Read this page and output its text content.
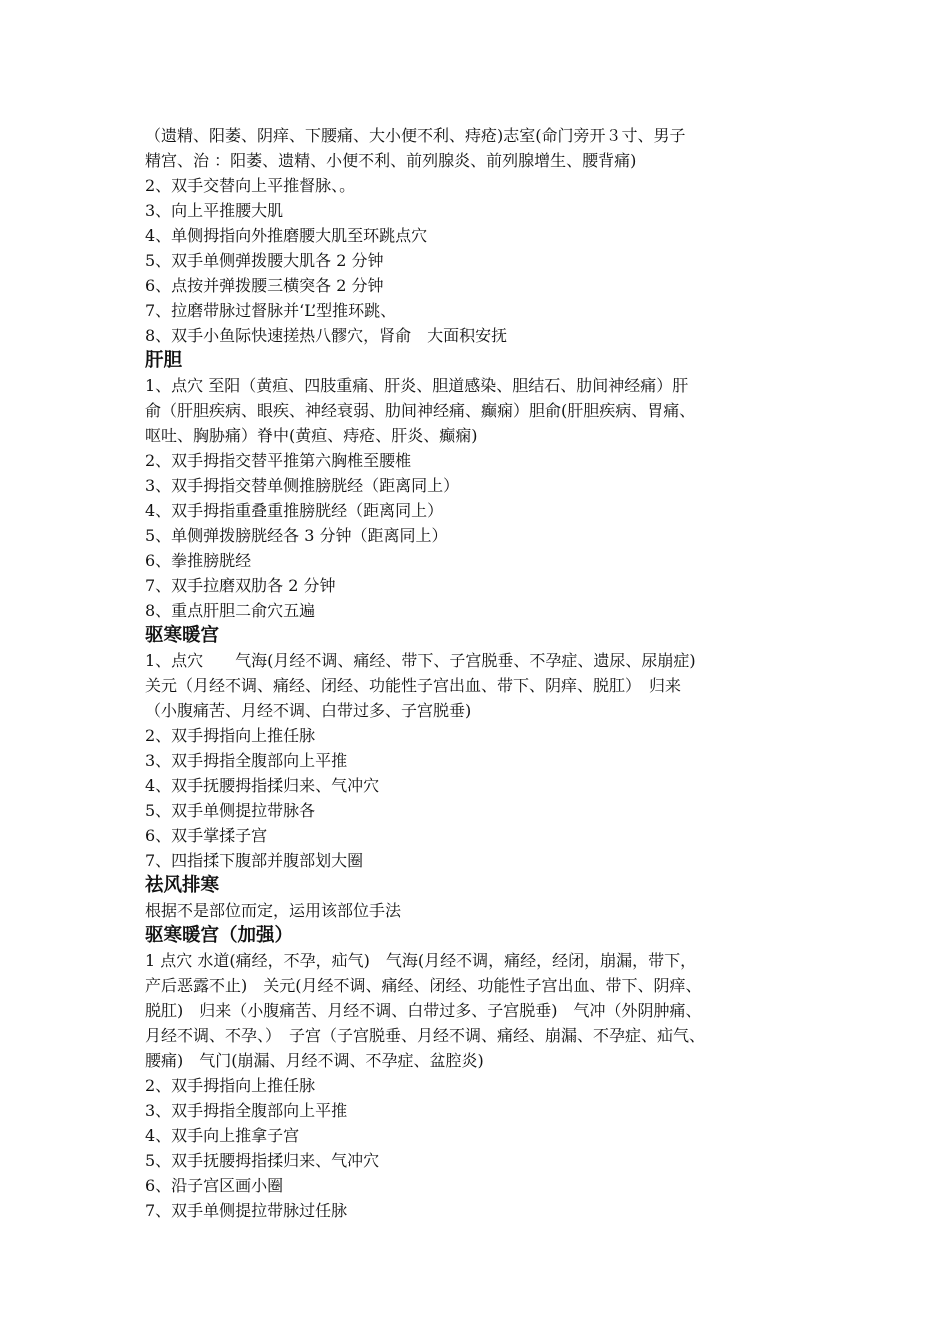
（遗精、阳萎、阴痒、下腰痛、大小便不利、痔疮)志室(命门旁开３寸、男子

精宫、治 ：阳萎、遗精、小便不利、前列腺炎、前列腺增生、腰背痛)

2、双手交替向上平推督脉、。

3、向上平推腰大肌

4、单侧拇指向外推磨腰大肌至环跳点穴

5、双手单侧弹拨腰大肌各 2 分钟

6、点按并弹拨腰三横突各 2 分钟

7、拉磨带脉过督脉并‘L’型推环跳、

8、双手小鱼际快速搓热八髎穴，肾俞　大面积安抚

肝胆

1、点穴 至阳（黄疸、四肢重痛、肝炎、胆道感染、胆结石、肋间神经痛）肝

俞（肝胆疾病、眼疾、神经衰弱、肋间神经痛、癫痫）胆俞(肝胆疾病、胃痛、

呕吐、胸胁痛）脊中(黄疸、痔疮、肝炎、癫痫)

2、双手拇指交替平推第六胸椎至腰椎

3、双手拇指交替单侧推膀胱经（距离同上）

4、双手拇指重叠重推膀胱经（距离同上）

5、单侧弹拨膀胱经各 3 分钟（距离同上）

6、拳推膀胱经

7、双手拉磨双肋各 2 分钟

8、重点肝胆二俞穴五遍

驱寒暖宫

1、点穴　　气海(月经不调、痛经、带下、子宫脱垂、不孕症、遗尿、尿崩症)

关元（月经不调、痛经、闭经、功能性子宫出血、带下、阴痒、脱肛）　归来

（小腹痛苦、月经不调、白带过多、子宫脱垂)

2、双手拇指向上推任脉

3、双手拇指全腹部向上平推

4、双手抚腰拇指揉归来、气冲穴

5、双手单侧提拉带脉各

6、双手掌揉子宫

7、四指揉下腹部并腹部划大圈

祛风排寒

根据不是部位而定，运用该部位手法

驱寒暖宫（加强）

1 点穴 水道(痛经，不孕，疝气)　气海(月经不调，痛经，经闭，崩漏，带下，

产后恶露不止)　关元(月经不调、痛经、闭经、功能性子宫出血、带下、阴痒、

脱肛)　归来（小腹痛苦、月经不调、白带过多、子宫脱垂)　气冲（外阴肿痛、

月经不调、不孕、）　子宫（子宫脱垂、月经不调、痛经、崩漏、不孕症、疝气、

腰痛)　气门(崩漏、月经不调、不孕症、盆腔炎)

2、双手拇指向上推任脉

3、双手拇指全腹部向上平推

4、双手向上推拿子宫

5、双手抚腰拇指揉归来、气冲穴

6、沿子宫区画小圈

7、双手单侧提拉带脉过任脉
